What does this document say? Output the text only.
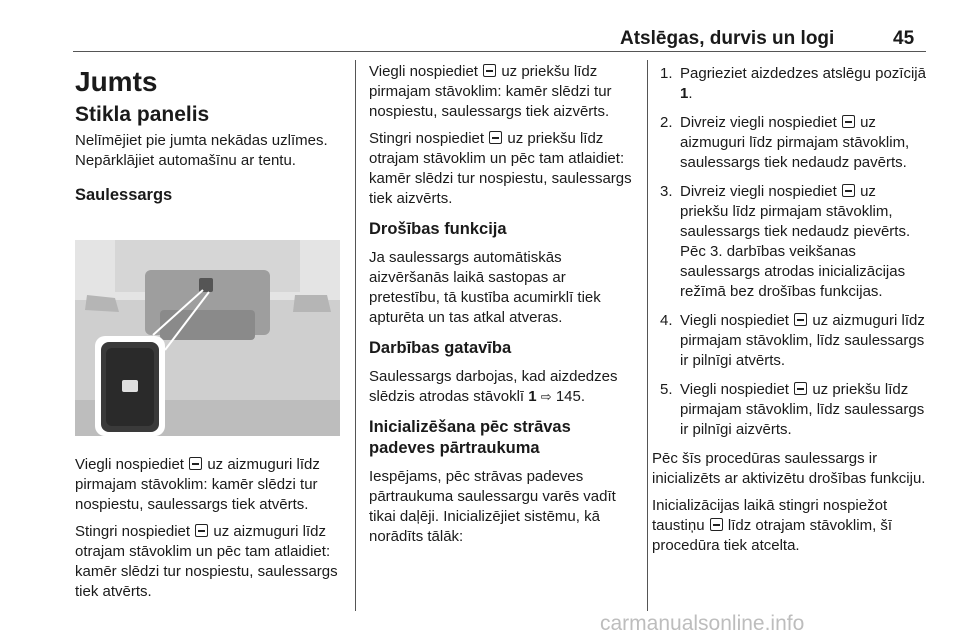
Atslēgas, durvis un logi	45
Jumts
Stikla panelis

Nelīmējiet pie jumta nekādas uzlīmes. Nepārklājiet automašīnu ar tentu.

Saulessargs

Viegli nospiediet uz aizmuguri līdz pirmajam stāvoklim: kamēr slēdzi tur nospiestu, saulessargs tiek atvērts.

Stingri nospiediet uz aizmuguri līdz otrajam stāvoklim un pēc tam atlaidiet: kamēr slēdzi tur nospiestu, saulessargs tiek atvērts.

Viegli nospiediet uz priekšu līdz pirmajam stāvoklim: kamēr slēdzi tur nospiestu, saulessargs tiek aizvērts.

Stingri nospiediet uz priekšu līdz otrajam stāvoklim un pēc tam atlaidiet: kamēr slēdzi tur nospiestu, saulessargs tiek aizvērts.

Drošības funkcija

Ja saulessargs automātiskās aizvēršanās laikā sastopas ar pretestību, tā kustība acumirklī tiek apturēta un tas atkal atveras.

Darbības gatavība

Saulessargs darbojas, kad aizdedzes slēdzis atrodas stāvoklī 1 ⇨ 145.

Inicializēšana pēc strāvas padeves pārtraukuma

Iespējams, pēc strāvas padeves pārtraukuma saulessargu varēs vadīt tikai daļēji. Inicializējiet sistēmu, kā norādīts tālāk:

1. Pagrieziet aizdedzes atslēgu pozīcijā 1.
2. Divreiz viegli nospiediet uz aizmuguri līdz pirmajam stāvoklim, saulessargs tiek nedaudz pavērts.
3. Divreiz viegli nospiediet uz priekšu līdz pirmajam stāvoklim, saulessargs tiek nedaudz pievērts.

Pēc 3. darbības veikšanas saulessargs atrodas inicializācijas režīmā bez drošības funkcijas.

4. Viegli nospiediet uz aizmuguri līdz pirmajam stāvoklim, līdz saulessargs ir pilnīgi atvērts.
5. Viegli nospiediet uz priekšu līdz pirmajam stāvoklim, līdz saulessargs ir pilnīgi aizvērts.

Pēc šīs procedūras saulessargs ir inicializēts ar aktivizētu drošības funkciju.

Inicializācijas laikā stingri nospiežot taustiņu līdz otrajam stāvoklim, šī procedūra tiek atcelta.

carmanualsonline.info
